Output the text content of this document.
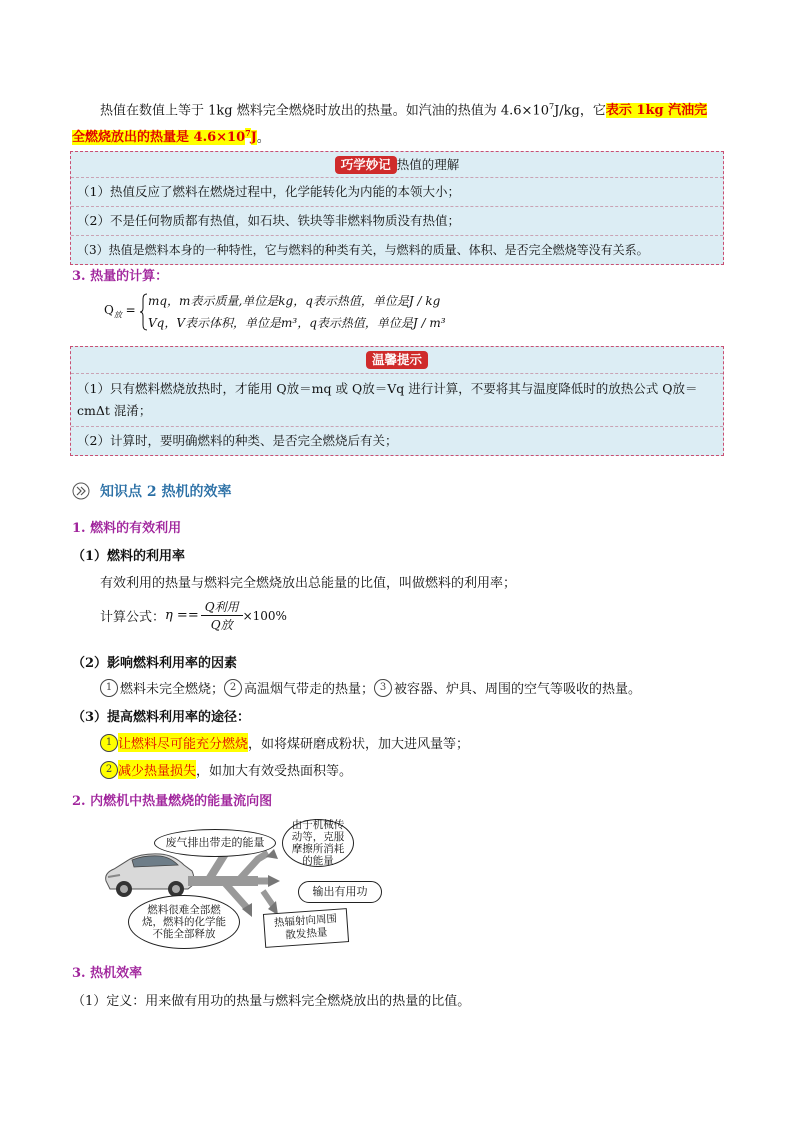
热值在数值上等于 1kg 燃料完全燃烧时放出的热量。如汽油的热值为 $4.6\times 10^7J/kg$，它表示 1kg 汽油完
全燃烧放出的热量是 $4.6\times 10^7J$。
巧学妙记 热值的理解
（1）热值反应了燃料在燃烧过程中，化学能转化为内能的本领大小；
（2）不是任何物质都有热值，如石块、铁块等非燃料物质没有热值；
（3）热值是燃料本身的一种特性，它与燃料的种类有关，与燃料的质量、体积、是否完全燃烧等没有关系。
3. 热量的计算：
$Q_放$ =
mq，m表示质量,单位是kg，q表示热值，单位是J / kg
Vq，V表示体积，单位是m³，q表示热值，单位是J / m³
温馨提示
（1）只有燃料燃烧放热时，才能用 Q放＝mq 或 Q放＝Vq 进行计算，不要将其与温度降低时的放热公式 Q放＝cmΔt 混淆；
（2）计算时，要明确燃料的种类、是否完全燃烧后有关；
知识点 2 热机的效率
1. 燃料的有效利用
（1）燃料的利用率
有效利用的热量与燃料完全燃烧放出总能量的比值，叫做燃料的利用率；
计算公式： $\eta == \frac{\text{Q利用}}{\text{Q放}} \times 100\%$
（2）影响燃料利用率的因素
1 燃料未完全燃烧； 2 高温烟气带走的热量； 3 被容器、炉具、周围的空气等吸收的热量。
（3）提高燃料利用率的途径：
1 让燃料尽可能充分燃烧 ，如将煤研磨成粉状，加大进风量等；
2 减少热量损失 ，如加大有效受热面积等。
2. 内燃机中热量燃烧的能量流向图
废气排出带走的能量
由于机械传动等，克服摩擦所消耗的能量
输出有用功
燃料很难全部燃烧，燃料的化学能不能全部释放
热辐射向周围散发热量
3. 热机效率
（1）定义：用来做有用功的热量与燃料完全燃烧放出的热量的比值。
